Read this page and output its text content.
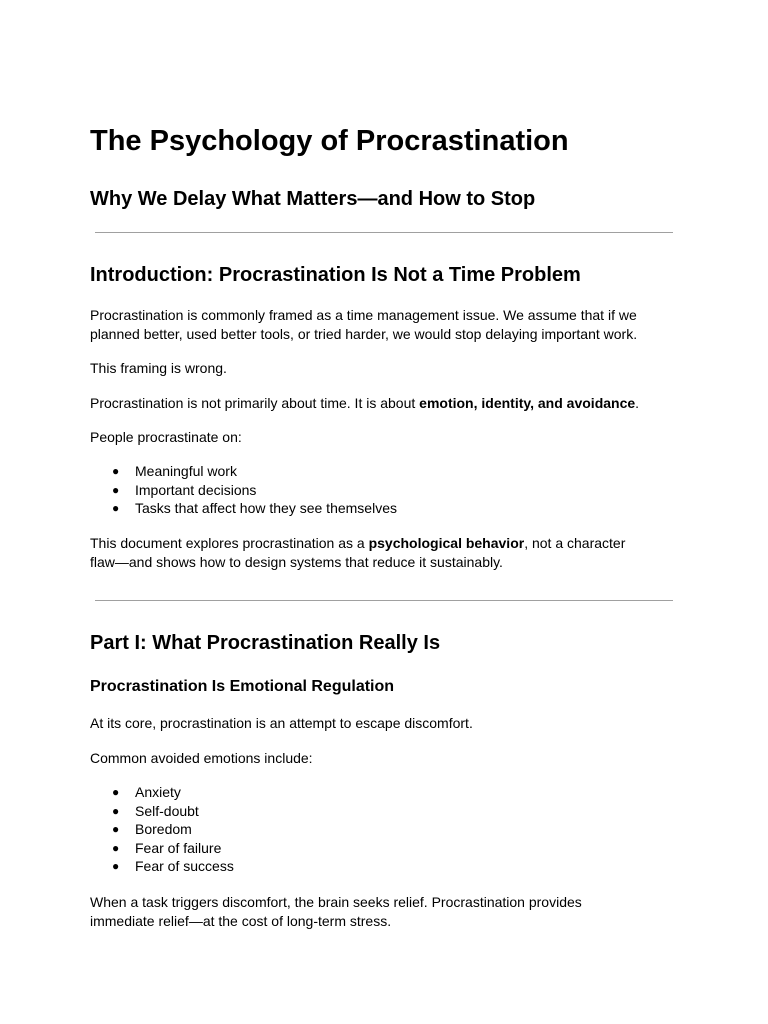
The Psychology of Procrastination
Why We Delay What Matters—and How to Stop
Introduction: Procrastination Is Not a Time Problem

Procrastination is commonly framed as a time management issue. We assume that if we planned better, used better tools, or tried harder, we would stop delaying important work.

This framing is wrong.

Procrastination is not primarily about time. It is about emotion, identity, and avoidance.

People procrastinate on:

● Meaningful work
● Important decisions
● Tasks that affect how they see themselves

This document explores procrastination as a psychological behavior, not a character flaw—and shows how to design systems that reduce it sustainably.

Part I: What Procrastination Really Is
Procrastination Is Emotional Regulation

At its core, procrastination is an attempt to escape discomfort.

Common avoided emotions include:

● Anxiety
● Self-doubt
● Boredom
● Fear of failure
● Fear of success

When a task triggers discomfort, the brain seeks relief. Procrastination provides immediate relief—at the cost of long-term stress.
